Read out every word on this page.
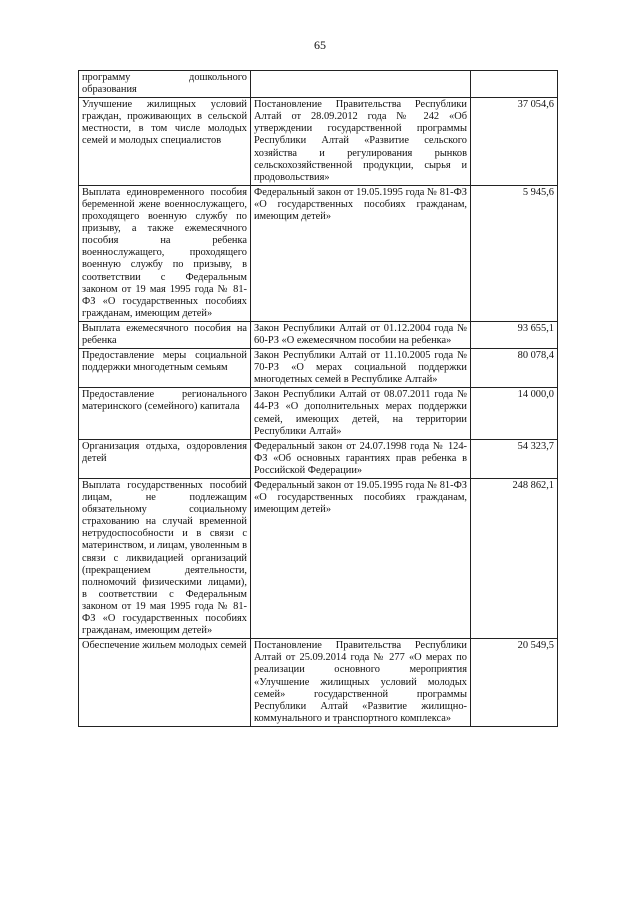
65
программу дошкольного образования		
Улучшение жилищных условий граждан, проживающих в сельской местности, в том числе молодых семей и молодых специалистов	Постановление Правительства Республики Алтай от 28.09.2012 года № 242 «Об утверждении государственной программы Республики Алтай «Развитие сельского хозяйства и регулирования рынков сельскохозяйственной продукции, сырья и продовольствия»	37 054,6
Выплата единовременного пособия беременной жене военнослужащего, проходящего военную службу по призыву, а также ежемесячного пособия на ребенка военнослужащего, проходящего военную службу по призыву, в соответствии с Федеральным законом от 19 мая 1995 года № 81-ФЗ «О государственных пособиях гражданам, имеющим детей»	Федеральный закон от 19.05.1995 года № 81-ФЗ «О государственных пособиях гражданам, имеющим детей»	5 945,6
Выплата ежемесячного пособия на ребенка	Закон Республики Алтай от 01.12.2004 года № 60-РЗ «О ежемесячном пособии на ребенка»	93 655,1
Предоставление меры социальной поддержки многодетным семьям	Закон Республики Алтай от 11.10.2005 года № 70-РЗ «О мерах социальной поддержки многодетных семей в Республике Алтай»	80 078,4
Предоставление регионального материнского (семейного) капитала	Закон Республики Алтай от 08.07.2011 года № 44-РЗ «О дополнительных мерах поддержки семей, имеющих детей, на территории Республики Алтай»	14 000,0
Организация отдыха, оздоровления детей	Федеральный закон от 24.07.1998 года № 124-ФЗ «Об основных гарантиях прав ребенка в Российской Федерации»	54 323,7
Выплата государственных пособий лицам, не подлежащим обязательному социальному страхованию на случай временной нетрудоспособности и в связи с материнством, и лицам, уволенным в связи с ликвидацией организаций (прекращением деятельности, полномочий физическими лицами), в соответствии с Федеральным законом от 19 мая 1995 года № 81-ФЗ «О государственных пособиях гражданам, имеющим детей»	Федеральный закон от 19.05.1995 года № 81-ФЗ «О государственных пособиях гражданам, имеющим детей»	248 862,1
Обеспечение жильем молодых семей	Постановление Правительства Республики Алтай от 25.09.2014 года № 277 «О мерах по реализации основного мероприятия «Улучшение жилищных условий молодых семей» государственной программы Республики Алтай «Развитие жилищно-коммунального и транспортного комплекса»	20 549,5
